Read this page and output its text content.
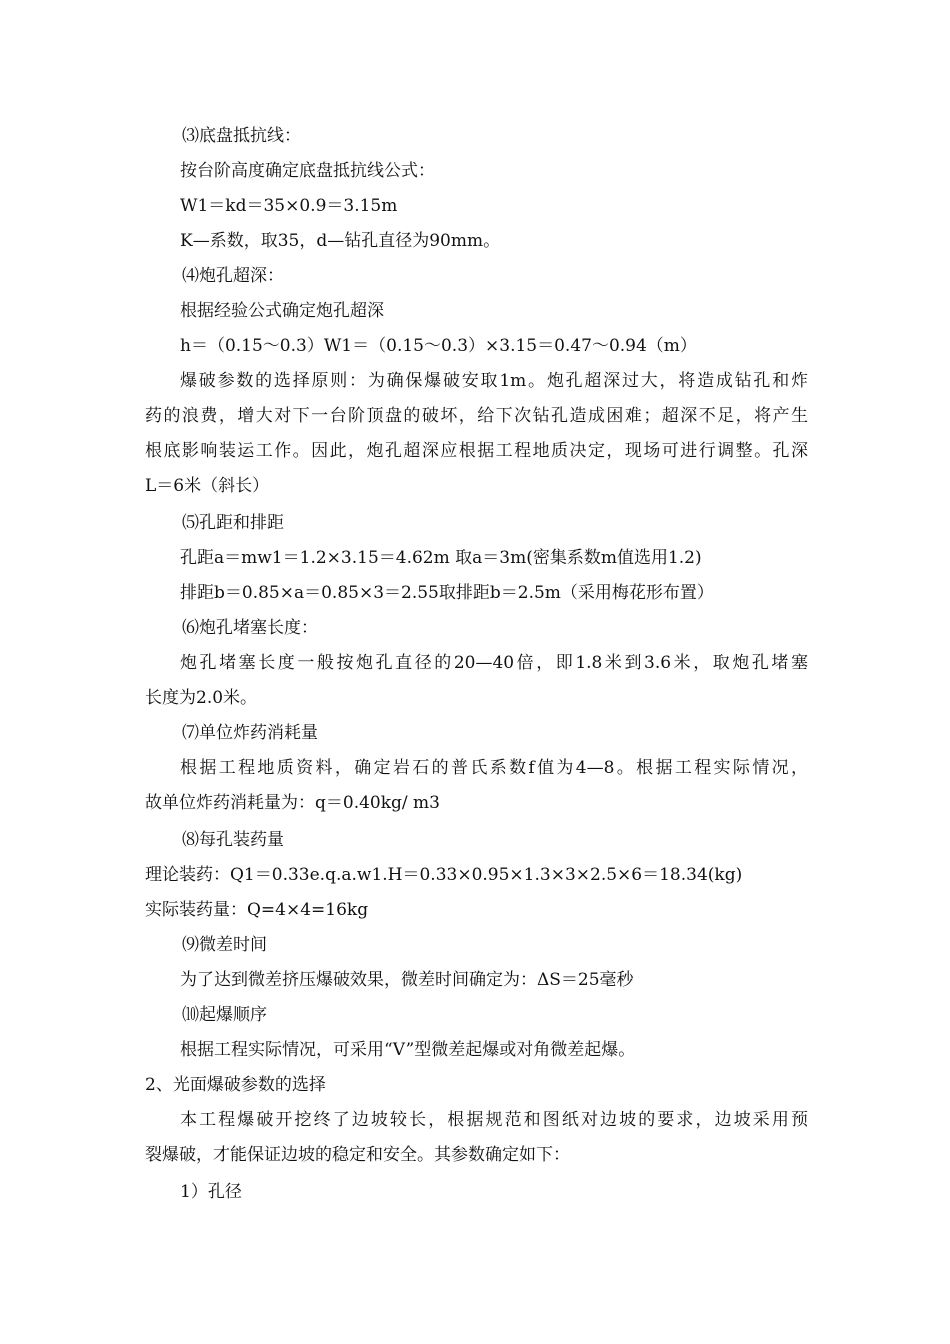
⑶底盘抵抗线：
按台阶高度确定底盘抵抗线公式：
W1＝kd＝35×0.9＝3.15m
K—系数，取35，d—钻孔直径为90mm。
⑷炮孔超深：
根据经验公式确定炮孔超深
h＝（0.15～0.3）W1＝（0.15～0.3）×3.15＝0.47～0.94（m）
爆破参数的选择原则：为确保爆破安取1m。炮孔超深过大，将造成钻孔和炸
药的浪费，增大对下一台阶顶盘的破坏，给下次钻孔造成困难；超深不足，将产生
根底影响装运工作。因此，炮孔超深应根据工程地质决定，现场可进行调整。孔深
L＝6米（斜长）
⑸孔距和排距
孔距a＝mw1＝1.2×3.15＝4.62m 取a＝3m(密集系数m值选用1.2)
排距b＝0.85×a＝0.85×3＝2.55取排距b＝2.5m（采用梅花形布置）
⑹炮孔堵塞长度：
炮孔堵塞长度一般按炮孔直径的20—40倍，即1.8米到3.6米，取炮孔堵塞
长度为2.0米。
⑺单位炸药消耗量
根据工程地质资料，确定岩石的普氏系数f值为4—8。根据工程实际情况，
故单位炸药消耗量为：q＝0.40kg/ m3
⑻每孔装药量
理论装药：Q1＝0.33e.q.a.w1.H＝0.33×0.95×1.3×3×2.5×6＝18.34(kg)
实际装药量：Q=4×4=16kg
⑼微差时间
为了达到微差挤压爆破效果，微差时间确定为：ΔS＝25毫秒
⑽起爆顺序
根据工程实际情况，可采用“V”型微差起爆或对角微差起爆。
2、光面爆破参数的选择
本工程爆破开挖终了边坡较长，根据规范和图纸对边坡的要求，边坡采用预
裂爆破，才能保证边坡的稳定和安全。其参数确定如下：
1）孔径
